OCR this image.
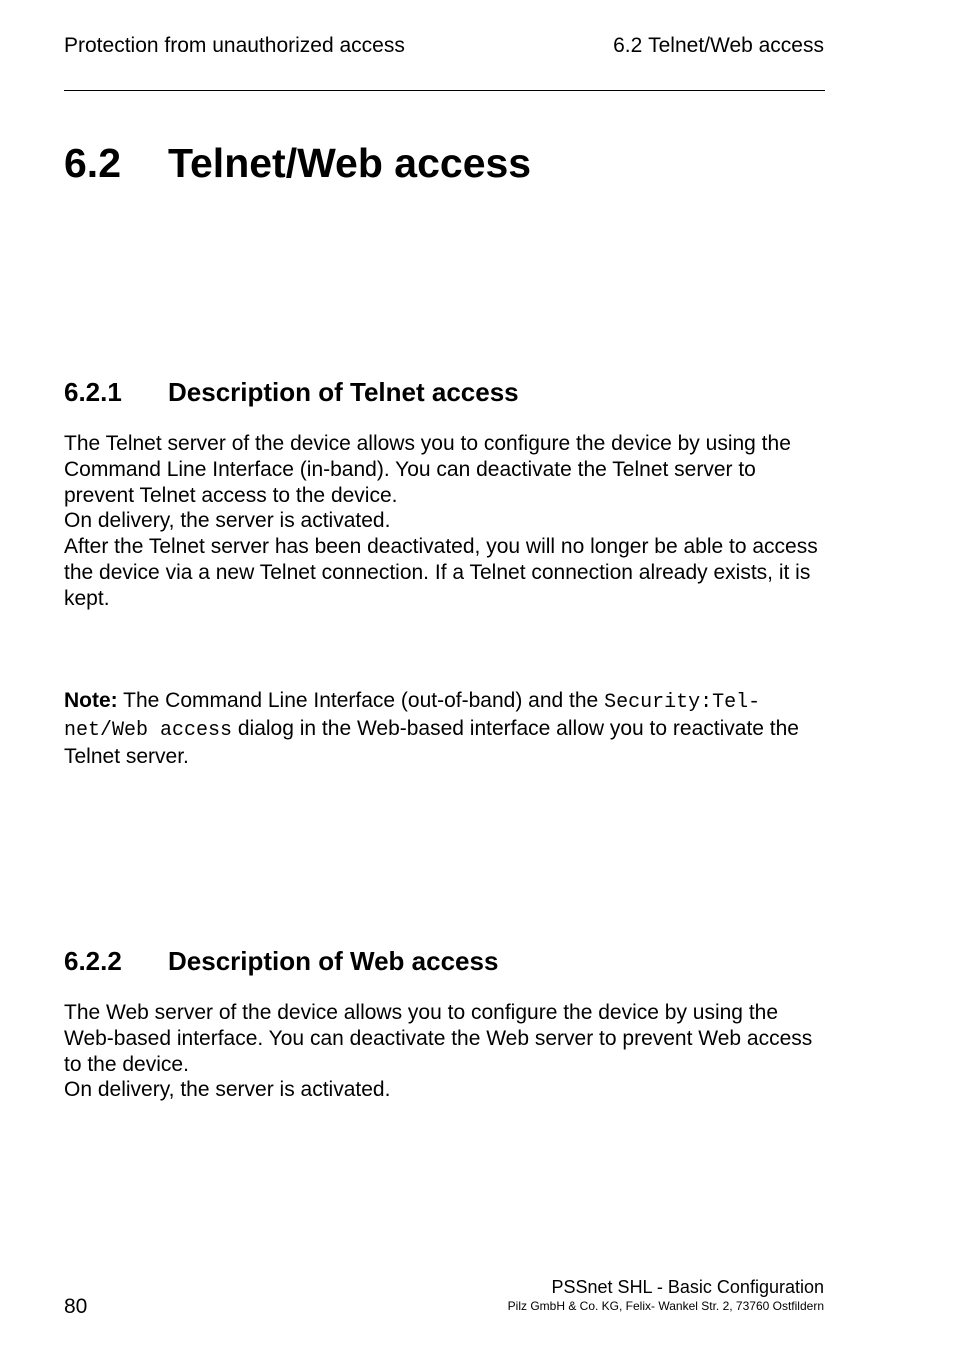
Protection from unauthorized access	6.2 Telnet/Web access
6.2 Telnet/Web access
6.2.1 Description of Telnet access

The Telnet server of the device allows you to configure the device by using the Command Line Interface (in-band). You can deactivate the Telnet server to prevent Telnet access to the device.

On delivery, the server is activated.

After the Telnet server has been deactivated, you will no longer be able to access the device via a new Telnet connection. If a Telnet connection already exists, it is kept.

Note: The Command Line Interface (out-of-band) and the Security:Tel-
net/Web access dialog in the Web-based interface allow you to reactivate the Telnet server.

6.2.2 Description of Web access

The Web server of the device allows you to configure the device by using the Web-based interface. You can deactivate the Web server to prevent Web access to the device.

On delivery, the server is activated.

80
PSSnet SHL - Basic Configuration
Pilz GmbH & Co. KG, Felix- Wankel Str. 2, 73760 Ostfildern
